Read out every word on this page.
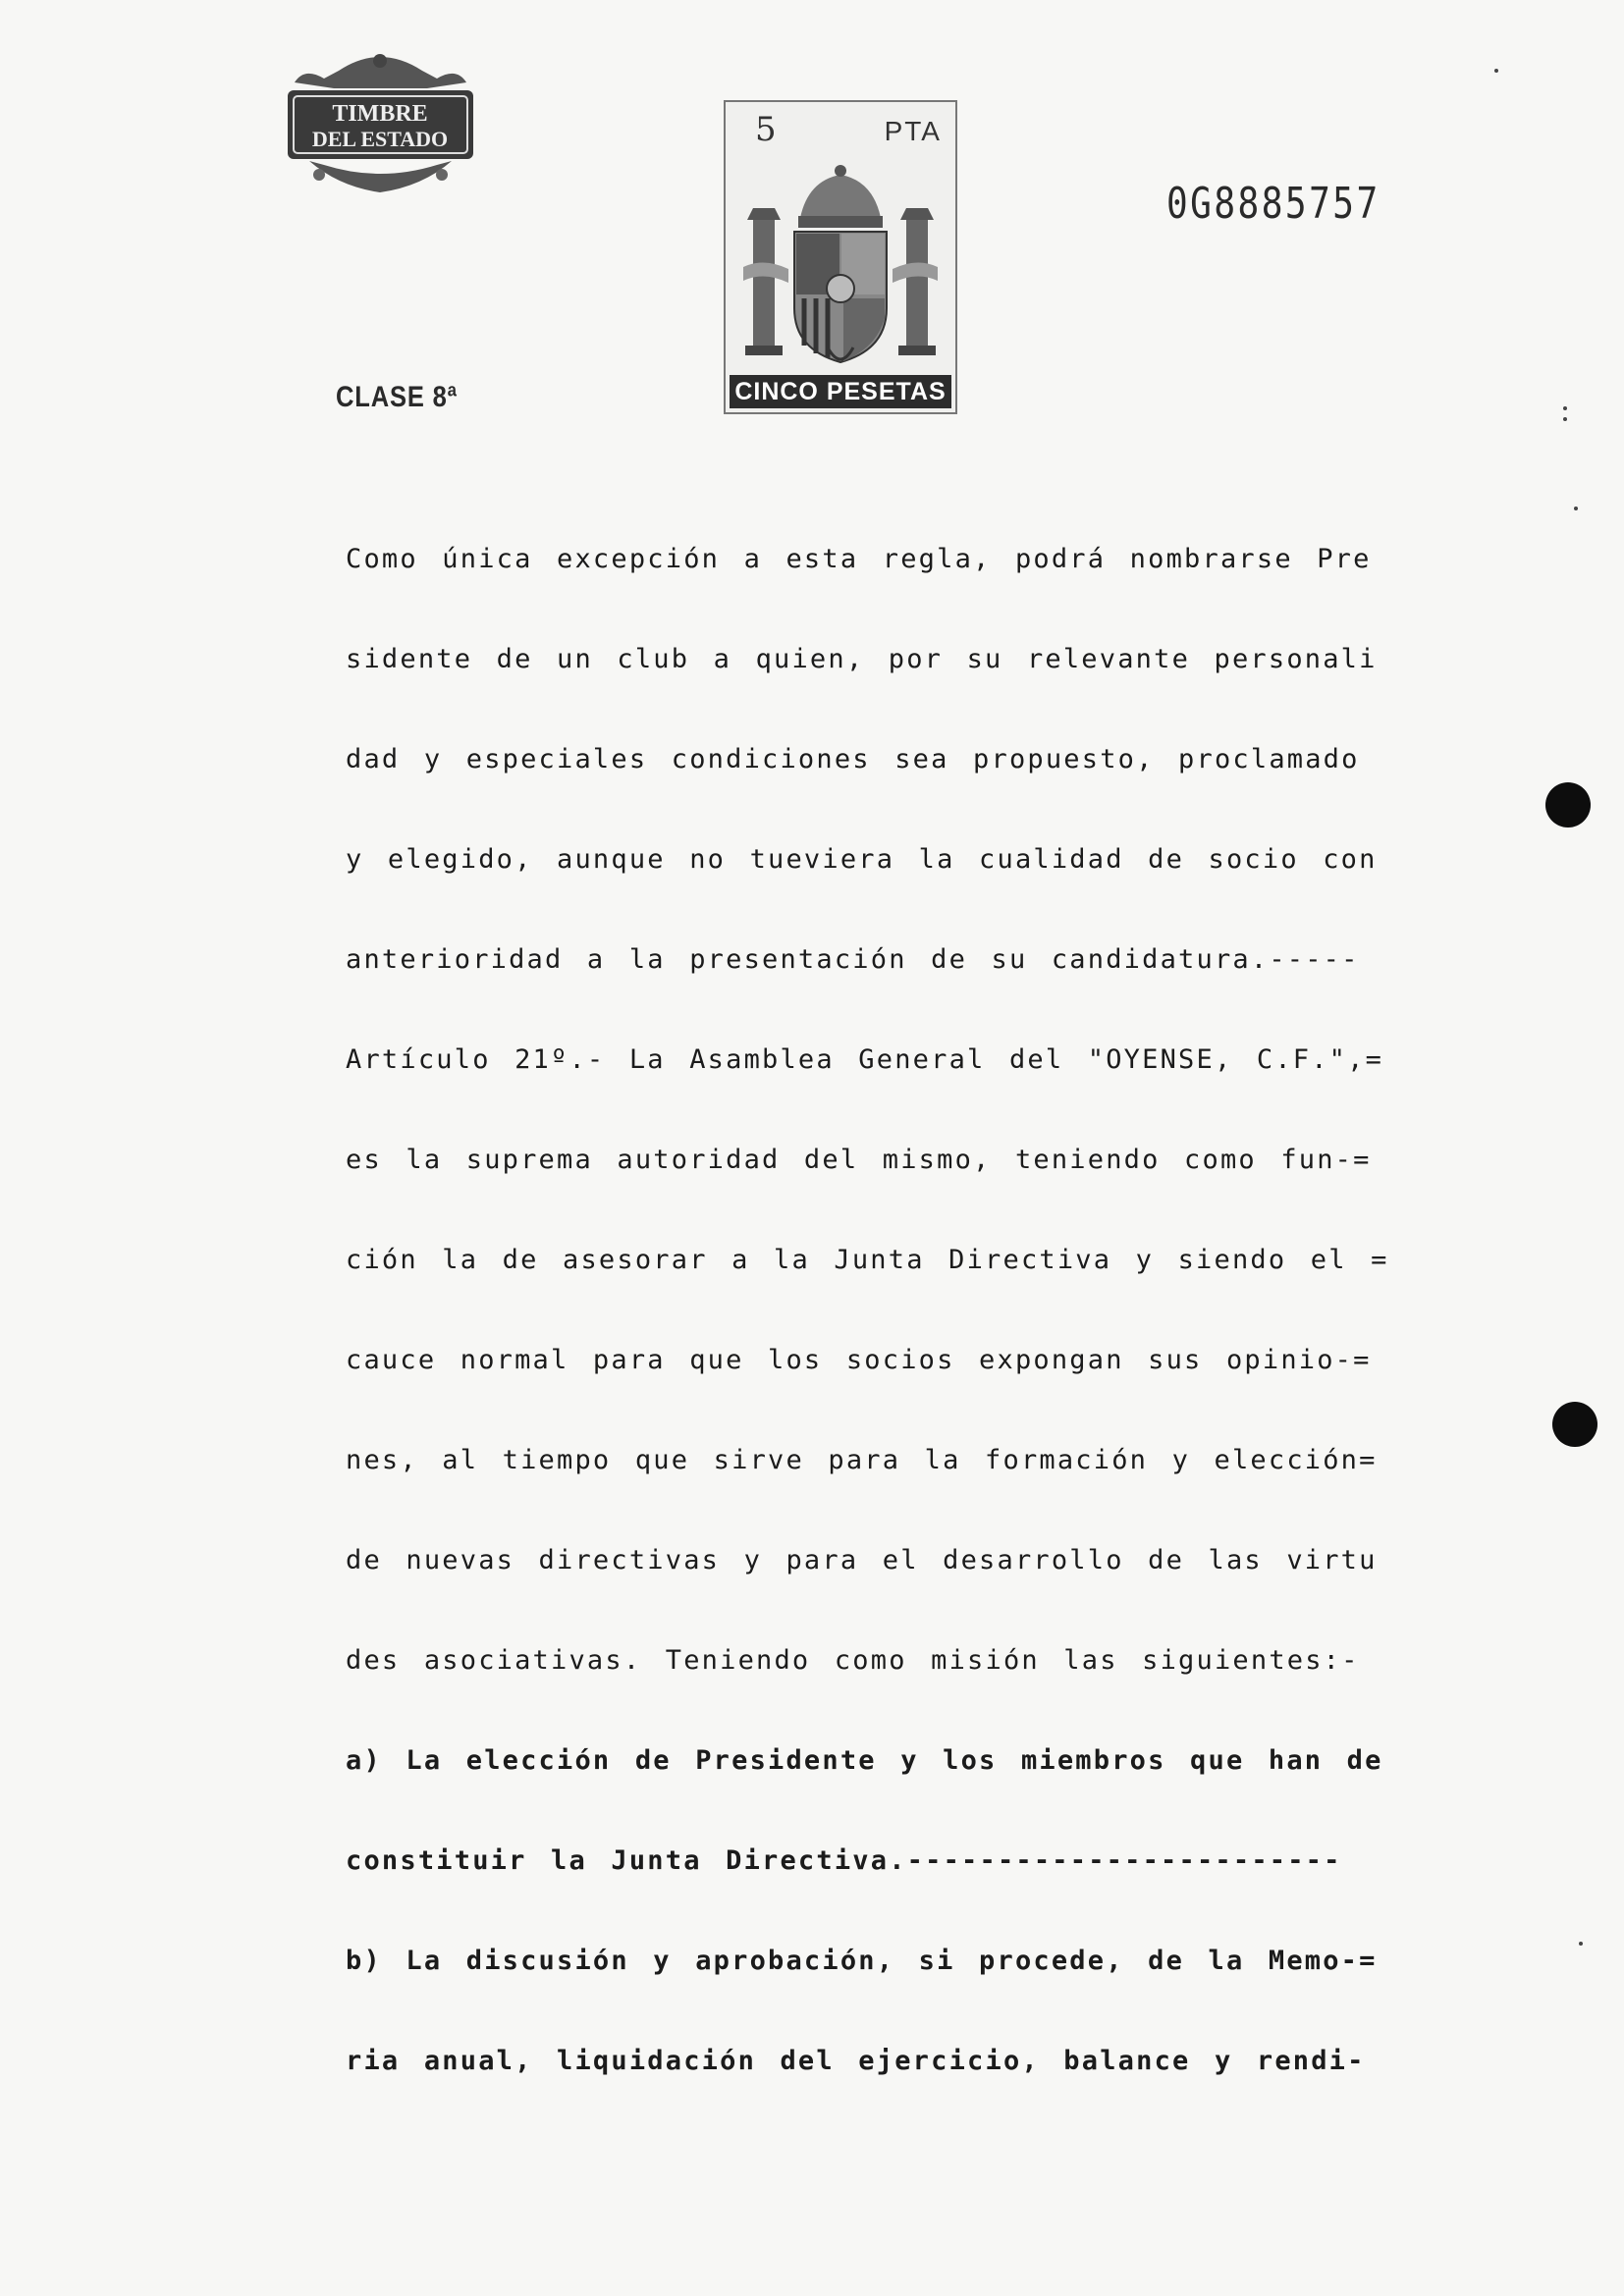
TIMBRE
DEL ESTADO	5	PTA
CINCO PESETAS
0G8885757
CLASE 8ª
Como única excepción a esta regla, podrá nombrarse Pre
sidente de un club a quien, por su relevante personali
dad y especiales condiciones sea propuesto, proclamado
y elegido, aunque no tueviera la cualidad de socio con
anterioridad a la presentación de su candidatura.-----
Artículo 21º.- La Asamblea General del "OYENSE, C.F.",=
es la suprema autoridad del mismo, teniendo como fun-=
ción la de asesorar a la Junta Directiva y siendo el =
cauce normal para que los socios expongan sus opinio-=
nes, al tiempo que sirve para la formación y elección=
de nuevas directivas y para el desarrollo de las virtu
des asociativas. Teniendo como misión las siguientes:-
a) La elección de Presidente y los miembros que han de
constituir la Junta Directiva.------------------------
b) La discusión y aprobación, si procede, de la Memo-=
ria anual, liquidación del ejercicio, balance y rendi-
